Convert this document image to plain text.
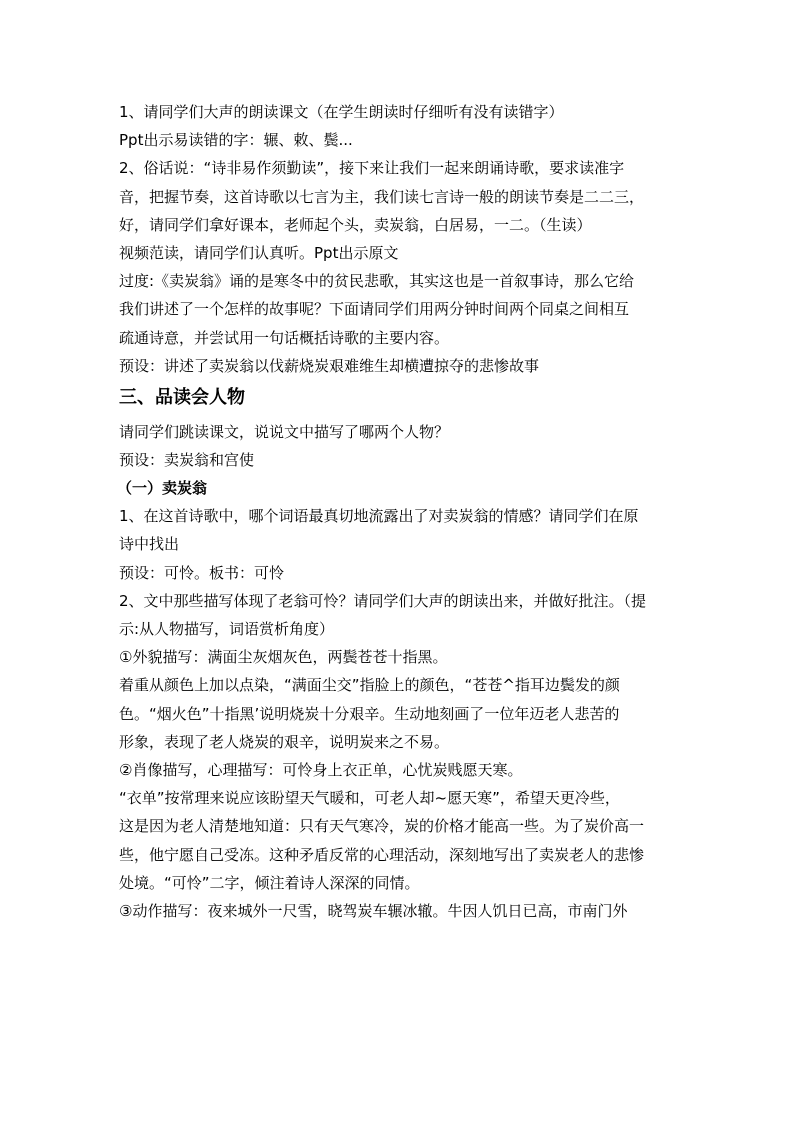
1、请同学们大声的朗读课文（在学生朗读时仔细听有没有读错字）
Ppt出示易读错的字：辗、敕、鬓...
2、俗话说：“诗非易作须勤读”，接下来让我们一起来朗诵诗歌，要求读准字
音，把握节奏，这首诗歌以七言为主，我们读七言诗一般的朗读节奏是二二三，
好，请同学们拿好课本，老师起个头，卖炭翁，白居易，一二。（生读）
视频范读，请同学们认真听。Ppt出示原文
过度:《卖炭翁》诵的是寒冬中的贫民悲歌，其实这也是一首叙事诗，那么它给
我们讲述了一个怎样的故事呢？下面请同学们用两分钟时间两个同桌之间相互
疏通诗意，并尝试用一句话概括诗歌的主要内容。
预设：讲述了卖炭翁以伐薪烧炭艰难维生却横遭掠夺的悲惨故事
三、品读会人物
请同学们跳读课文，说说文中描写了哪两个人物？
预设：卖炭翁和宫使
（一）卖炭翁
1、在这首诗歌中，哪个词语最真切地流露出了对卖炭翁的情感？请同学们在原
诗中找出
预设：可怜。板书：可怜
2、文中那些描写体现了老翁可怜？请同学们大声的朗读出来，并做好批注。（提
示:从人物描写，词语赏析角度）
①外貌描写：满面尘灰烟灰色，两鬓苍苍十指黑。
着重从颜色上加以点染，“满面尘交”指脸上的颜色，“苍苍^指耳边鬓发的颜
色。“烟火色”十指黑’说明烧炭十分艰辛。生动地刻画了一位年迈老人悲苦的
形象，表现了老人烧炭的艰辛，说明炭来之不易。
②肖像描写，心理描写：可怜身上衣正单，心忧炭贱愿天寒。
“衣单”按常理来说应该盼望天气暖和，可老人却~愿天寒”，希望天更冷些，
这是因为老人清楚地知道：只有天气寒冷，炭的价格才能高一些。为了炭价高一
些，他宁愿自己受冻。这种矛盾反常的心理活动，深刻地写出了卖炭老人的悲惨
处境。“可怜”二字，倾注着诗人深深的同情。
③动作描写：夜来城外一尺雪，晓驾炭车辗冰辙。牛因人饥日已高，市南门外
